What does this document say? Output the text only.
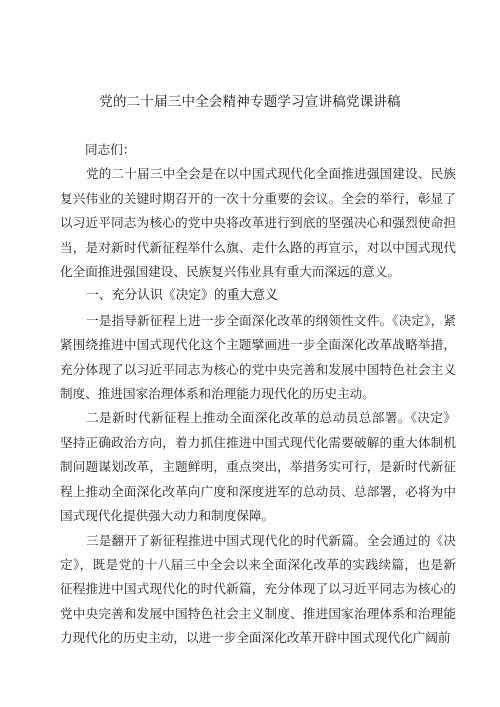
党的二十届三中全会精神专题学习宣讲稿党课讲稿

同志们：

党的二十届三中全会是在以中国式现代化全面推进强国建设、民族复兴伟业的关键时期召开的一次十分重要的会议。全会的举行，彰显了以习近平同志为核心的党中央将改革进行到底的坚强决心和强烈使命担当，是对新时代新征程举什么旗、走什么路的再宣示，对以中国式现代化全面推进强国建设、民族复兴伟业具有重大而深远的意义。

一、充分认识《决定》的重大意义

一是指导新征程上进一步全面深化改革的纲领性文件。《决定》，紧紧围绕推进中国式现代化这个主题擘画进一步全面深化改革战略举措，充分体现了以习近平同志为核心的党中央完善和发展中国特色社会主义制度、推进国家治理体系和治理能力现代化的历史主动。

二是新时代新征程上推动全面深化改革的总动员总部署。《决定》坚持正确政治方向，着力抓住推进中国式现代化需要破解的重大体制机制问题谋划改革，主题鲜明，重点突出，举措务实可行，是新时代新征程上推动全面深化改革向广度和深度进军的总动员、总部署，必将为中国式现代化提供强大动力和制度保障。

三是翻开了新征程推进中国式现代化的时代新篇。全会通过的《决定》，既是党的十八届三中全会以来全面深化改革的实践续篇，也是新征程推进中国式现代化的时代新篇，充分体现了以习近平同志为核心的党中央完善和发展中国特色社会主义制度、推进国家治理体系和治理能力现代化的历史主动，以进一步全面深化改革开辟中国式现代化广阔前
